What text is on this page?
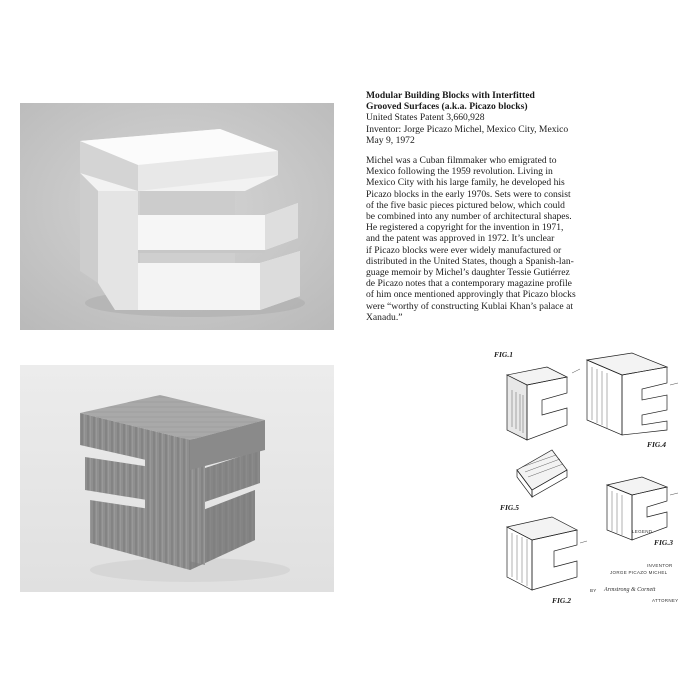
Modular Building Blocks with Interfitted

Grooved Surfaces (a.k.a. Picazo blocks)

United States Patent 3,660,928

Inventor: Jorge Picazo Michel, Mexico City, Mexico

May 9, 1972

Michel was a Cuban filmmaker who emigrated to
Mexico following the 1959 revolution. Living in
Mexico City with his large family, he developed his
Picazo blocks in the early 1970s. Sets were to consist
of the five basic pieces pictured below, which could
be combined into any number of architectural shapes.
He registered a copyright for the invention in 1971,
and the patent was approved in 1972. It’s unclear
if Picazo blocks were ever widely manufactured or
distributed in the United States, though a Spanish-lan-
guage memoir by Michel’s daughter Tessie Gutiérrez
de Picazo notes that a contemporary magazine profile
of him once mentioned approvingly that Picazo blocks
were “worthy of constructing Kublai Khan’s palace at
Xanadu.”
FIG.1
FIG.4
FIG.5
FIG.3
FIG.2
LEGEND
INVENTOR
JORGE PICAZO MICHEL
BY Armstrong & Cornett
ATTORNEY
